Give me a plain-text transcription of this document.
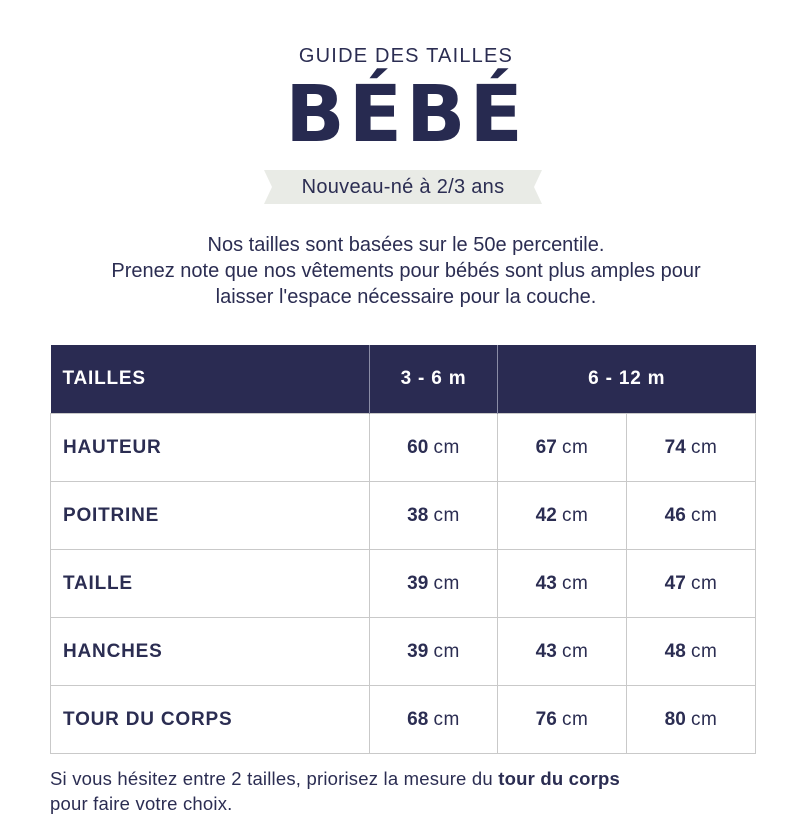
GUIDE DES TAILLES
BÉBÉ
Nouveau-né à 2/3 ans
Nos tailles sont basées sur le 50e percentile.
Prenez note que nos vêtements pour bébés sont plus amples pour
laisser l'espace nécessaire pour la couche.
TAILLES	3 - 6 m	6 - 12 m	
HAUTEUR	60 cm	67 cm	74 cm
POITRINE	38 cm	42 cm	46 cm
TAILLE	39 cm	43 cm	47 cm
HANCHES	39 cm	43 cm	48 cm
TOUR DU CORPS	68 cm	76 cm	80 cm
Si vous hésitez entre 2 tailles, priorisez la mesure du tour du corps
pour faire votre choix.
